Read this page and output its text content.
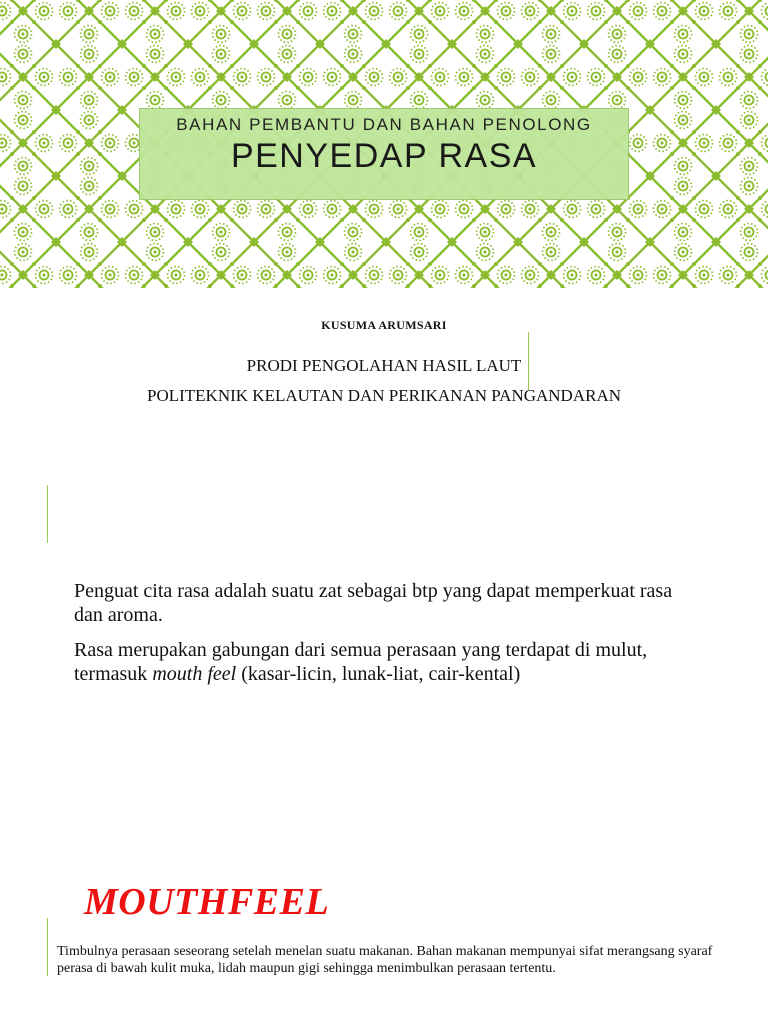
BAHAN PEMBANTU DAN BAHAN PENOLONG
PENYEDAP RASA
KUSUMA ARUMSARI
PRODI PENGOLAHAN HASIL LAUT
POLITEKNIK KELAUTAN DAN PERIKANAN PANGANDARAN
Penguat cita rasa adalah suatu zat sebagai btp yang dapat memperkuat rasa dan aroma.
Rasa merupakan gabungan dari semua perasaan yang terdapat di mulut, termasuk mouth feel (kasar-licin, lunak-liat, cair-kental)
MOUTHFEEL
Timbulnya perasaan seseorang setelah menelan suatu makanan. Bahan makanan mempunyai sifat merangsang syaraf perasa di bawah kulit muka, lidah maupun gigi sehingga menimbulkan perasaan tertentu.
